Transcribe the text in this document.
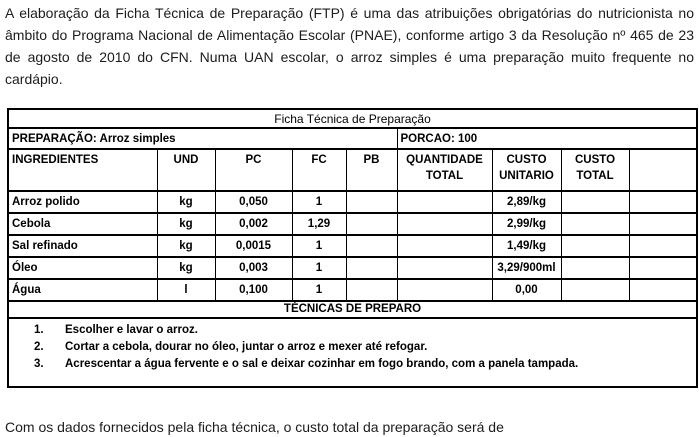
A elaboração da Ficha Técnica de Preparação (FTP) é uma das atribuições obrigatórias do nutricionista no âmbito do Programa Nacional de Alimentação Escolar (PNAE), conforme artigo 3 da Resolução nº 465 de 23 de agosto de 2010 do CFN. Numa UAN escolar, o arroz simples é uma preparação muito frequente no cardápio.

Ficha Técnica de Preparação								
PREPARAÇÃO: Arroz simples					PORCAO: 100			
INGREDIENTES	UND	PC	FC	PB	QUANTIDADE TOTAL	CUSTO UNITARIO	CUSTO TOTAL	
Arroz polido	kg	0,050	1			2,89/kg		
Cebola	kg	0,002	1,29			2,99/kg		
Sal refinado	kg	0,0015	1			1,49/kg		
Óleo	kg	0,003	1			3,29/900ml		
Água	l	0,100	1			0,00		
TÉCNICAS DE PREPARO								

1.	Escolher e lavar o arroz.
2.	Cortar a cebola, dourar no óleo, juntar o arroz e mexer até refogar.
3.	Acrescentar a água fervente e o sal e deixar cozinhar em fogo brando, com a panela tampada.

Com os dados fornecidos pela ficha técnica, o custo total da preparação será de
